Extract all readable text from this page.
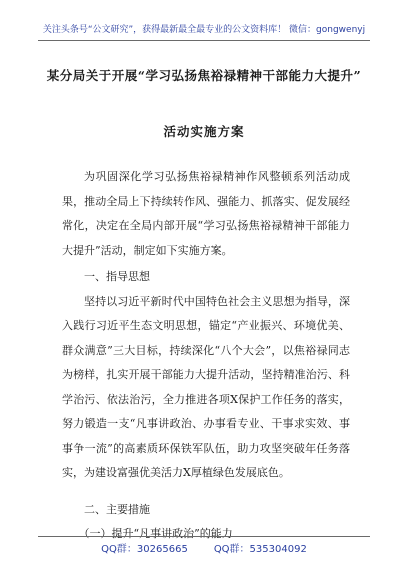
关注头条号“公文研究”，获得最新最全最专业的公文资料库！ 微信：gongwenyj
某分局关于开展“学习弘扬焦裕禄精神干部能力大提升”
活动实施方案

为巩固深化学习弘扬焦裕禄精神作风整顿系列活动成果，推动全局上下持续转作风、强能力、抓落实、促发展经常化，决定在全局内部开展“学习弘扬焦裕禄精神干部能力大提升”活动，制定如下实施方案。

一、指导思想

坚持以习近平新时代中国特色社会主义思想为指导，深入践行习近平生态文明思想，锚定“产业振兴、环境优美、群众满意”三大目标，持续深化“八个大会”，以焦裕禄同志为榜样，扎实开展干部能力大提升活动，坚持精准治污、科学治污、依法治污，全力推进各项X保护工作任务的落实，努力锻造一支“凡事讲政治、办事看专业、干事求实效、事事争一流”的高素质环保铁军队伍，助力攻坚突破年任务落实，为建设富强优美活力X厚植绿色发展底色。

二、主要措施

（一）提升“凡事讲政治”的能力

QQ群：30265665	QQ群：535304092
